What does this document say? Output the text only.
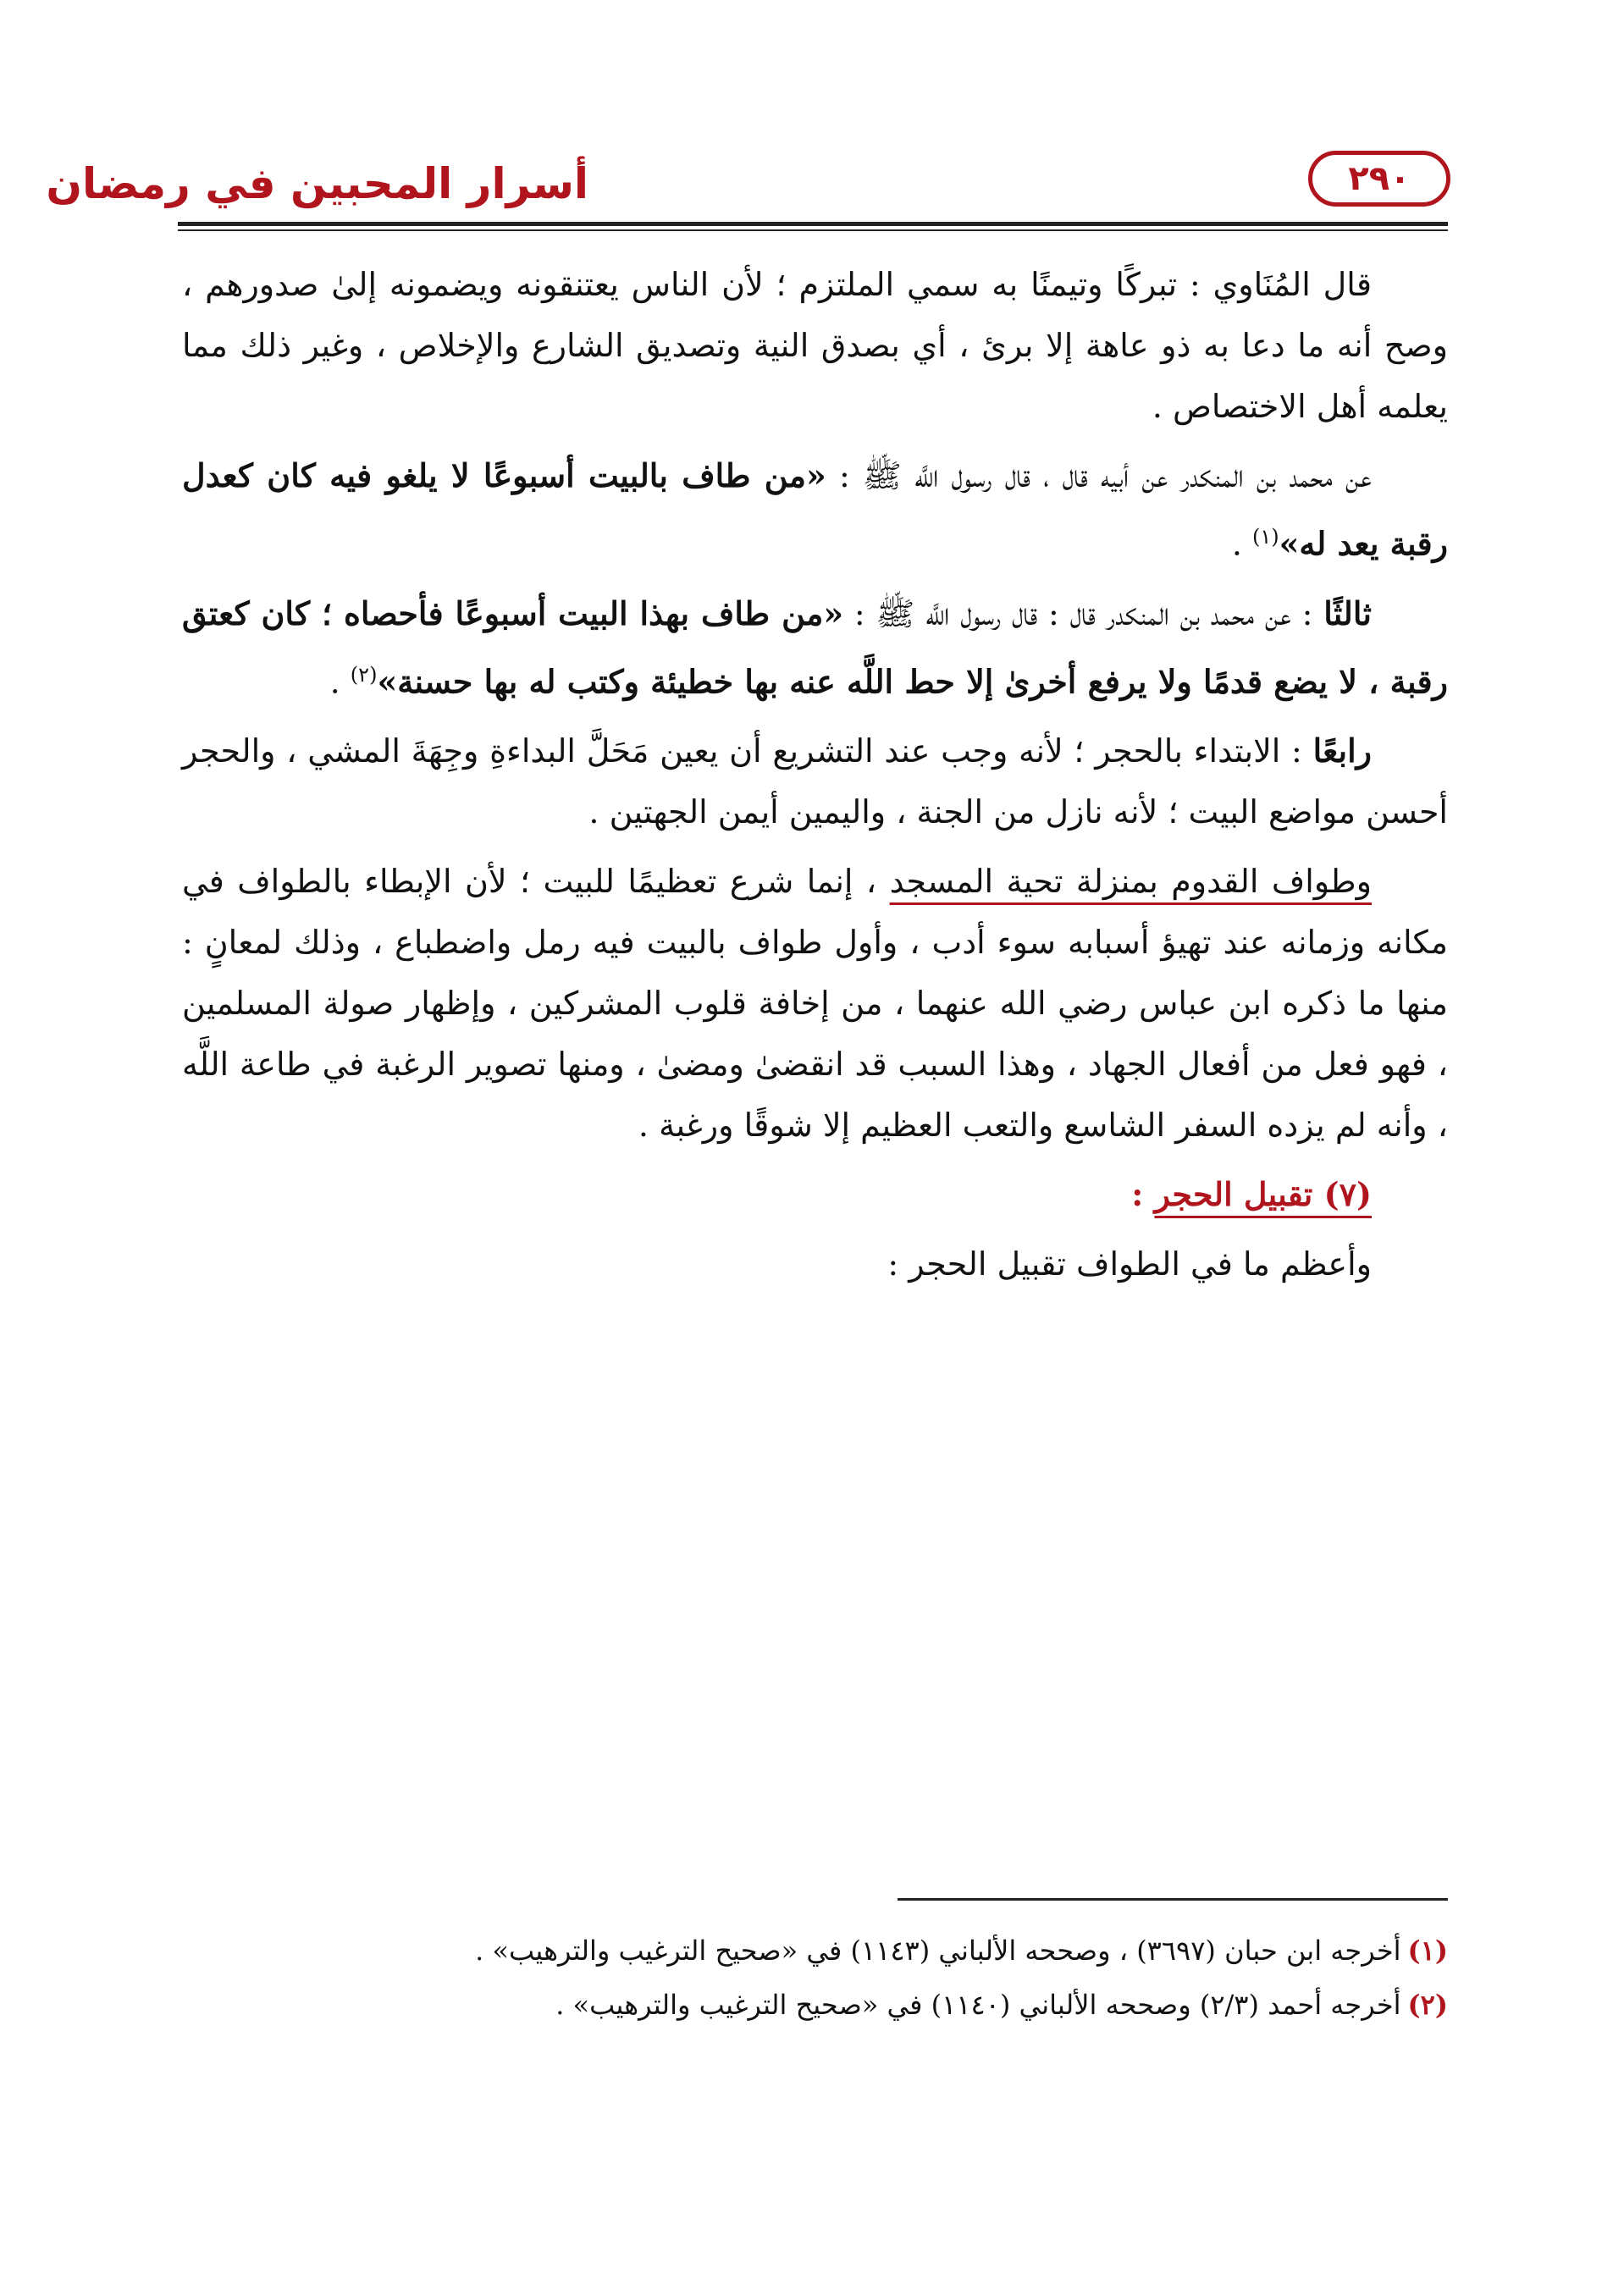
أسرار المحبين في رمضان	٢٩٠

قال المُنَاوي : تبركًا وتيمنًا به سمي الملتزم ؛ لأن الناس يعتنقونه ويضمونه إلىٰ صدورهم ، وصح أنه ما دعا به ذو عاهة إلا برئ ، أي بصدق النية وتصديق الشارع والإخلاص ، وغير ذلك مما يعلمه أهل الاختصاص .

عن محمد بن المنكدر عن أبيه قال ، قال رسول اللَّه ﷺ : «من طاف بالبيت أسبوعًا لا يلغو فيه كان كعدل رقبة يعد له»$^{(١)}$ .

ثالثًا : عن محمد بن المنكدر قال : قال رسول اللَّه ﷺ : «من طاف بهذا البيت أسبوعًا فأحصاه ؛ كان كعتق رقبة ، لا يضع قدمًا ولا يرفع أخرىٰ إلا حط اللَّه عنه بها خطيئة وكتب له بها حسنة»$^{(٢)}$ .

رابعًا : الابتداء بالحجر ؛ لأنه وجب عند التشريع أن يعين مَحَلَّ البداءةِ وجِهَةَ المشي ، والحجر أحسن مواضع البيت ؛ لأنه نازل من الجنة ، واليمين أيمن الجهتين .

وطواف القدوم بمنزلة تحية المسجد ، إنما شرع تعظيمًا للبيت ؛ لأن الإبطاء بالطواف في مكانه وزمانه عند تهيؤ أسبابه سوء أدب ، وأول طواف بالبيت فيه رمل واضطباع ، وذلك لمعانٍ : منها ما ذكره ابن عباس رضي الله عنهما ، من إخافة قلوب المشركين ، وإظهار صولة المسلمين ، فهو فعل من أفعال الجهاد ، وهذا السبب قد انقضىٰ ومضىٰ ، ومنها تصوير الرغبة في طاعة اللَّه ، وأنه لم يزده السفر الشاسع والتعب العظيم إلا شوقًا ورغبة .

(٧) تقبيل الحجر :

وأعظم ما في الطواف تقبيل الحجر :

(١)أخرجه ابن حبان (٣٦٩٧) ، وصححه الألباني (١١٤٣) في «صحيح الترغيب والترهيب» .
(٢)أخرجه أحمد (٢/٣) وصححه الألباني (١١٤٠) في «صحيح الترغيب والترهيب» .
